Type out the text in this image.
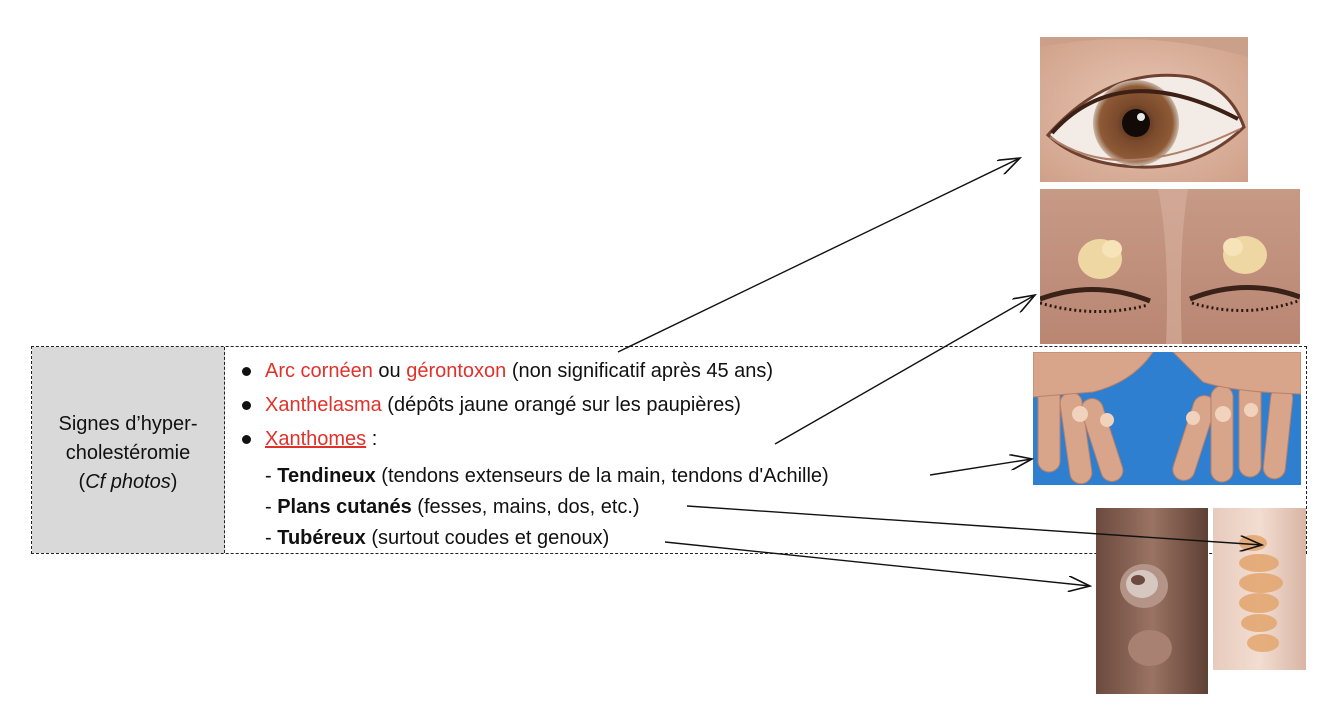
Signes d’hyper-
cholestéromie
(Cf photos)
Arc cornéen ou gérontoxon (non significatif après 45 ans)
Xanthelasma (dépôts jaune orangé sur les paupières)
Xanthomes :
- Tendineux (tendons extenseurs de la main, tendons d'Achille)
- Plans cutanés (fesses, mains, dos, etc.)
- Tubéreux (surtout coudes et genoux)
